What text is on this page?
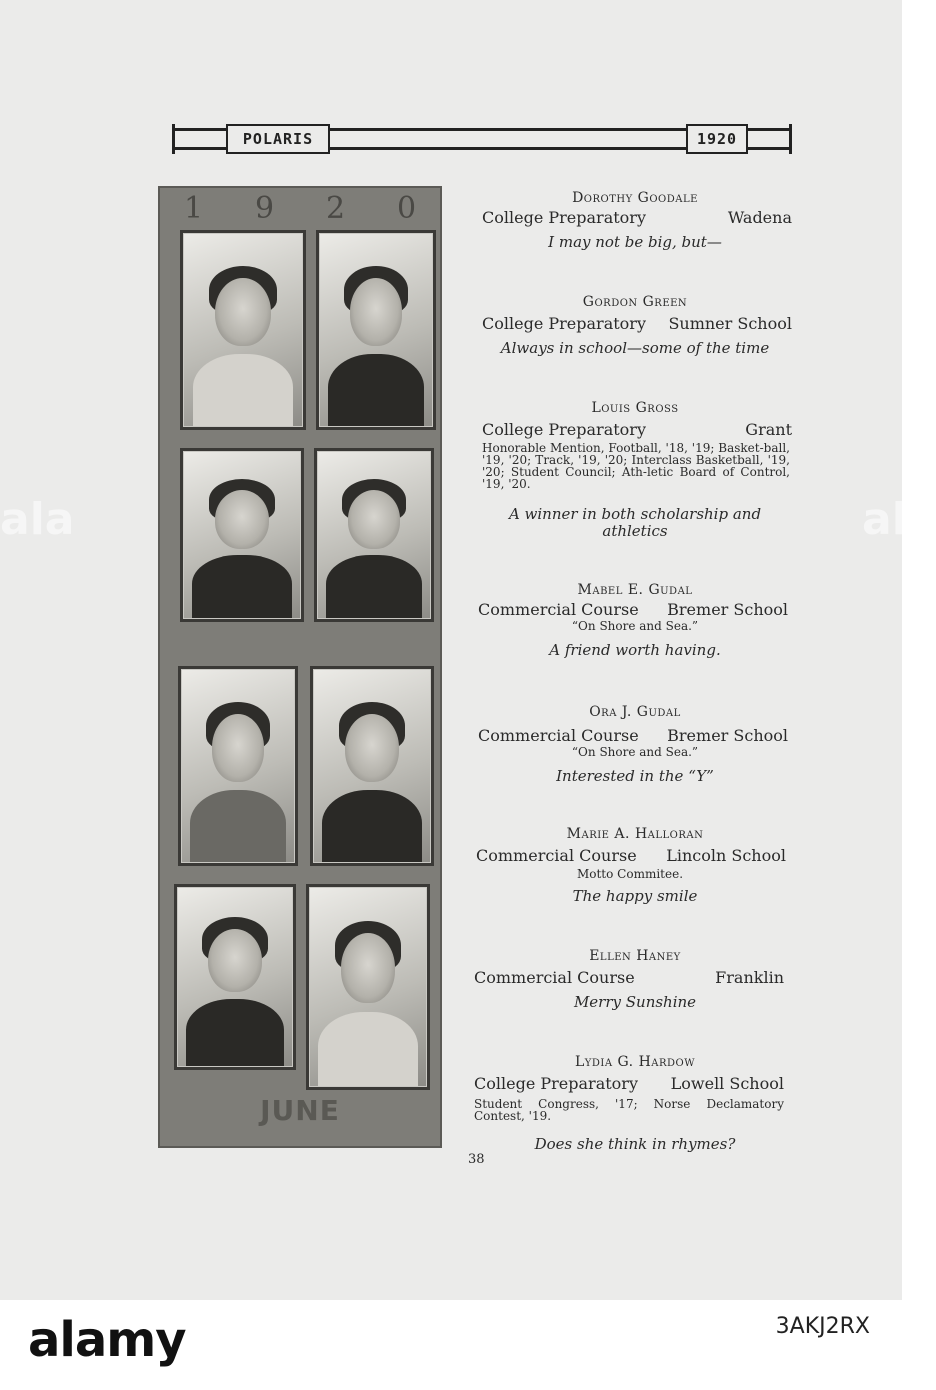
POLARIS	1920
1 9 2 0
JUNE
Dorothy Goodale
College Preparatory	Wadena
I may not be big, but—
Gordon Green
College Preparatory Sumner School
Always in school—some of the time
Louis Gross
College Preparatory	Grant
Honorable Mention, Football, '18, '19; Basket-ball, '19, '20; Track, '19, '20; Interclass Basketball, '19, '20; Student Council; Ath-letic Board of Control, '19, '20.
A winner in both scholarship and athletics
Mabel E. Gudal
Commercial Course Bremer School
“On Shore and Sea.”
A friend worth having.
Ora J. Gudal
Commercial Course Bremer School
“On Shore and Sea.”
Interested in the “Y”
Marie A. Halloran
Commercial Course Lincoln School
Motto Commitee.
The happy smile
Ellen Haney
Commercial Course	Franklin
Merry Sunshine
Lydia G. Hardow
College Preparatory Lowell School
Student Congress, '17; Norse Declamatory Contest, '19.
Does she think in rhymes?
38
ala	ala
alamy	3AKJ2RX
